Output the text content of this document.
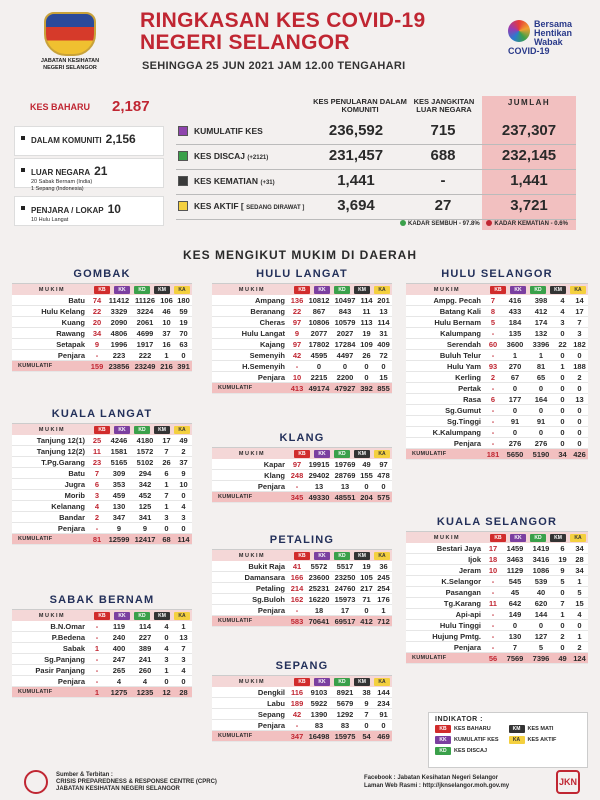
JABATAN KESIHATAN NEGERI SELANGOR
RINGKASAN KES COVID-19
NEGERI SELANGOR
SEHINGGA 25 JUN 2021 JAM 12.00 TENGAHARI
Bersama
Hentikan
Wabak
COVID-19
KES BAHARU 2,187
DALAM KOMUNITI 2,156
LUAR NEGARA 21
20 Sabak Bernam (India)
1 Sepang (Indonesia)
PENJARA / LOKAP 10
10 Hulu Langat
KES PENULARAN DALAM KOMUNITI
KES JANGKITAN LUAR NEGARA
JUMLAH
KUMULATIF KES	236,592	715	237,307
KES DISCAJ (+2121)	231,457	688	232,145
KES KEMATIAN (+31)	1,441	-	1,441
KES AKTIF [ SEDANG DIRAWAT ]	3,694	27	3,721
KADAR SEMBUH - 97.8% KADAR KEMATIAN - 0.6%
KES MENGIKUT MUKIM DI DAERAH
GOMBAK
MUKIM	KB	KK	KD	KM	KA
Batu	74	11412 11126 106 180
Hulu Kelang	22	3329	3224	46	59
Kuang	20	2090	2061	10	19
Rawang	34	4806	4699	37	70
Setapak	9	1996	1917	16	63
Penjara	-	223	222	1	0
KUMULATIF	159 23856 23249 216 391
KUALA LANGAT
MUKIM	KB	KK	KD	KM	KA
Tanjung 12(1)	25	4246	4180	17	49
Tanjung 12(2)	11	1581	1572	7	2
T.Pg.Garang	23	5165	5102	26	37
Batu	7	309	294	6	9
Jugra	6	353	342	1	10
Morib	3	459	452	7	0
Kelanang	4	130	125	1	4
Bandar	2	347	341	3	3
Penjara	-	9	9	0	0
KUMULATIF	81 12599 12417 68 114
SABAK BERNAM
MUKIM	KB	KK	KD	KM	KA
B.N.Omar	-	119	114	4	1
P.Bedena	-	240	227	0	13
Sabak	1	400	389	4	7
Sg.Panjang	-	247	241	3	3
Pasir Panjang	-	265	260	1	4
Penjara	-	4	4	0	0
KUMULATIF	1	1275	1235	12	28
HULU LANGAT
MUKIM	KB	KK	KD	KM	KA
Ampang 136 10812 10497 114 201
Beranang	22	867	843	11	13
Cheras	97 10806 10579 113 114
Hulu Langat	9	2077	2027	19	31
Kajang	97 17802 17284 109 409
Semenyih	42	4595	4497	26	72
H.Semenyih	-	0	0	0	0
Penjara	10	2215	2200	0	15
KUMULATIF	413 49174 47927 392 855
KLANG
MUKIM	KB	KK	KD	KM	KA
Kapar	97 19915 19769 49	97
Klang 248 29402 28769 155 478
Penjara	-	13	13	0	0
KUMULATIF	345 49330 48551 204 575
PETALING
MUKIM	KB	KK	KD	KM	KA
Bukit Raja	41	5572	5517	19	36
Damansara 166 23600 23250 105 245
Petaling 214 25231 24760 217 254
Sg.Buloh 162 16220 15973 71 176
Penjara	-	18	17	0	1
KUMULATIF	583 70641 69517 412 712
SEPANG
MUKIM	KB	KK	KD	KM	KA
Dengkil 116	9103	8921	38 144
Labu 189 5922	5679	9	234
Sepang	42	1390	1292	7	91
Penjara	-	83	83	0	0
KUMULATIF	347 16498 15975 54 469
HULU SELANGOR
MUKIM	KB	KK	KD	KM	KA
Ampg. Pecah	7	416	398	4	14
Batang Kali	8	433	412	4	17
Hulu Bernam	5	184	174	3	7
Kalumpang	-	135	132	0	3
Serendah	60	3600	3396	22 182
Buluh Telur	-	1	1	0	0
Hulu Yam	93	270	81	1	188
Kerling	2	67	65	0	2
Pertak	-	0	0	0	0
Rasa	6	177	164	0	13
Sg.Gumut	-	0	0	0	0
Sg.Tinggi	-	91	91	0	0
K.Kalumpang	-	0	0	0	0
Penjara	-	276	276	0	0
KUMULATIF	181 5650	5190	34 426
KUALA SELANGOR
MUKIM	KB	KK	KD	KM	KA
Bestari Jaya	17	1459	1419	6	34
Ijok	18	3463	3416	19	28
Jeram	10	1129	1086	9	34
K.Selangor	-	545	539	5	1
Pasangan	-	45	40	0	5
Tg.Karang	11	642	620	7	15
Api-api	-	149	144	1	4
Hulu Tinggi	-	0	0	0	0
Hujung Pmtg.	-	130	127	2	1
Penjara	-	7	5	0	2
KUMULATIF	56	7569	7396	49 124
INDIKATOR :
KB	KES BAHARU
	KM	KES MATI

KK	KUMULATIF KES
	KA	KES AKTIF

KD	KES DISCAJ
Sumber & Terbitan :
CRISIS PREPAREDNESS & RESPONSE CENTRE (CPRC)
JABATAN KESIHATAN NEGERI SELANGOR
Facebook : Jabatan Kesihatan Negeri Selangor
Laman Web Rasmi : http://jknselangor.moh.gov.my	JKN
